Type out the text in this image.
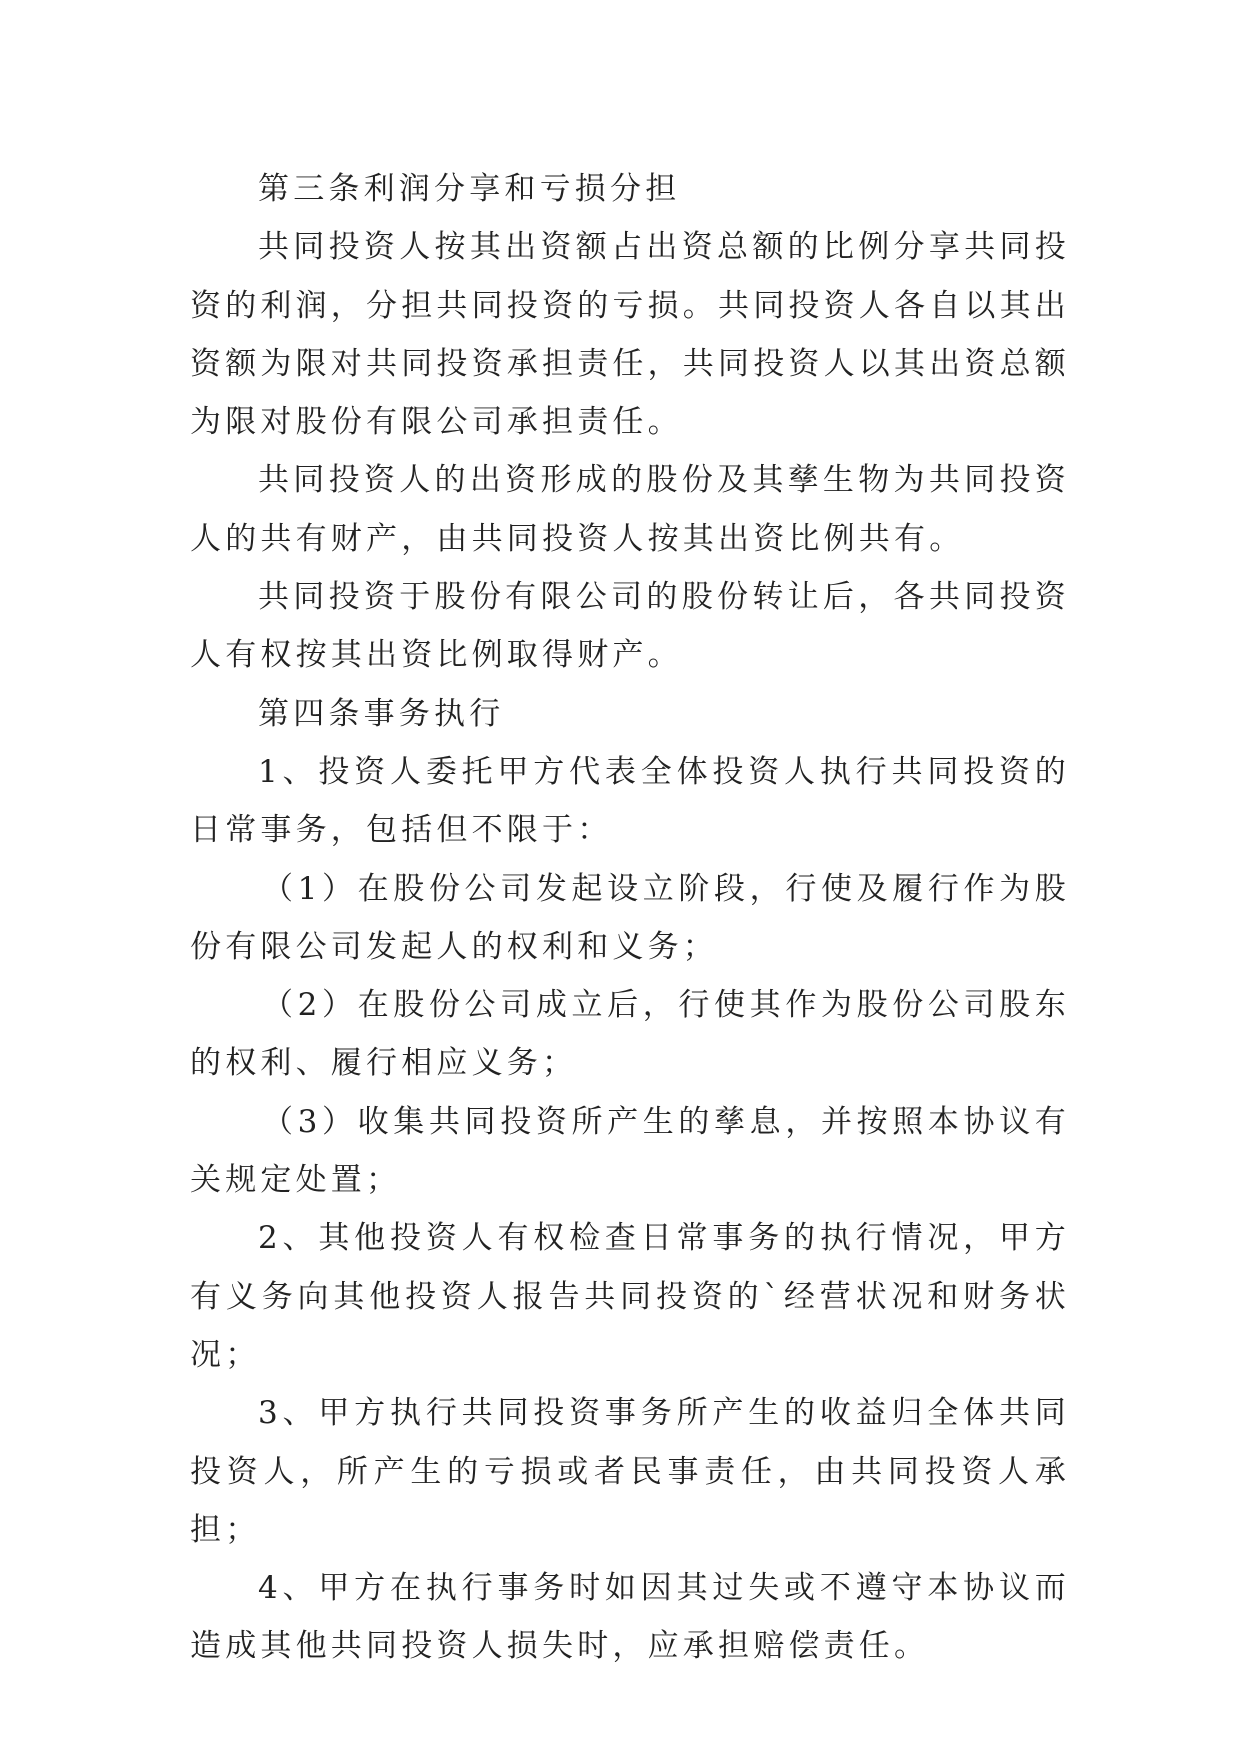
第三条利润分享和亏损分担

共同投资人按其出资额占出资总额的比例分享共同投资的利润，分担共同投资的亏损。共同投资人各自以其出资额为限对共同投资承担责任，共同投资人以其出资总额为限对股份有限公司承担责任。

共同投资人的出资形成的股份及其孳生物为共同投资人的共有财产，由共同投资人按其出资比例共有。

共同投资于股份有限公司的股份转让后，各共同投资人有权按其出资比例取得财产。

第四条事务执行

1、投资人委托甲方代表全体投资人执行共同投资的日常事务，包括但不限于：

（1）在股份公司发起设立阶段，行使及履行作为股份有限公司发起人的权利和义务；

（2）在股份公司成立后，行使其作为股份公司股东的权利、履行相应义务；

（3）收集共同投资所产生的孳息，并按照本协议有关规定处置；

2、其他投资人有权检查日常事务的执行情况，甲方有义务向其他投资人报告共同投资的`经营状况和财务状况；

3、甲方执行共同投资事务所产生的收益归全体共同投资人，所产生的亏损或者民事责任，由共同投资人承担；

4、甲方在执行事务时如因其过失或不遵守本协议而造成其他共同投资人损失时，应承担赔偿责任。
